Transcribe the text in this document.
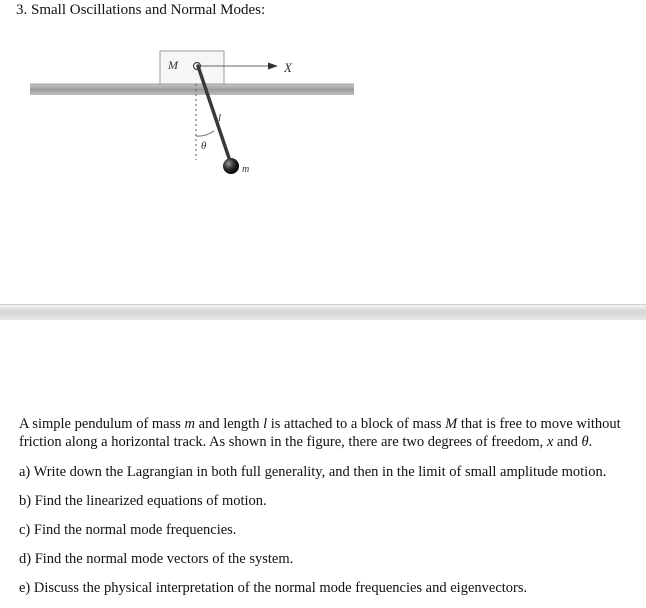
3. Small Oscillations and Normal Modes:
M	X
θ
l
m

A simple pendulum of mass m and length l is attached to a block of mass M that is free to move without friction along a horizontal track. As shown in the figure, there are two degrees of freedom, x and θ.

a) Write down the Lagrangian in both full generality, and then in the limit of small amplitude motion.

b) Find the linearized equations of motion.

c) Find the normal mode frequencies.

d) Find the normal mode vectors of the system.

e) Discuss the physical interpretation of the normal mode frequencies and eigenvectors.
